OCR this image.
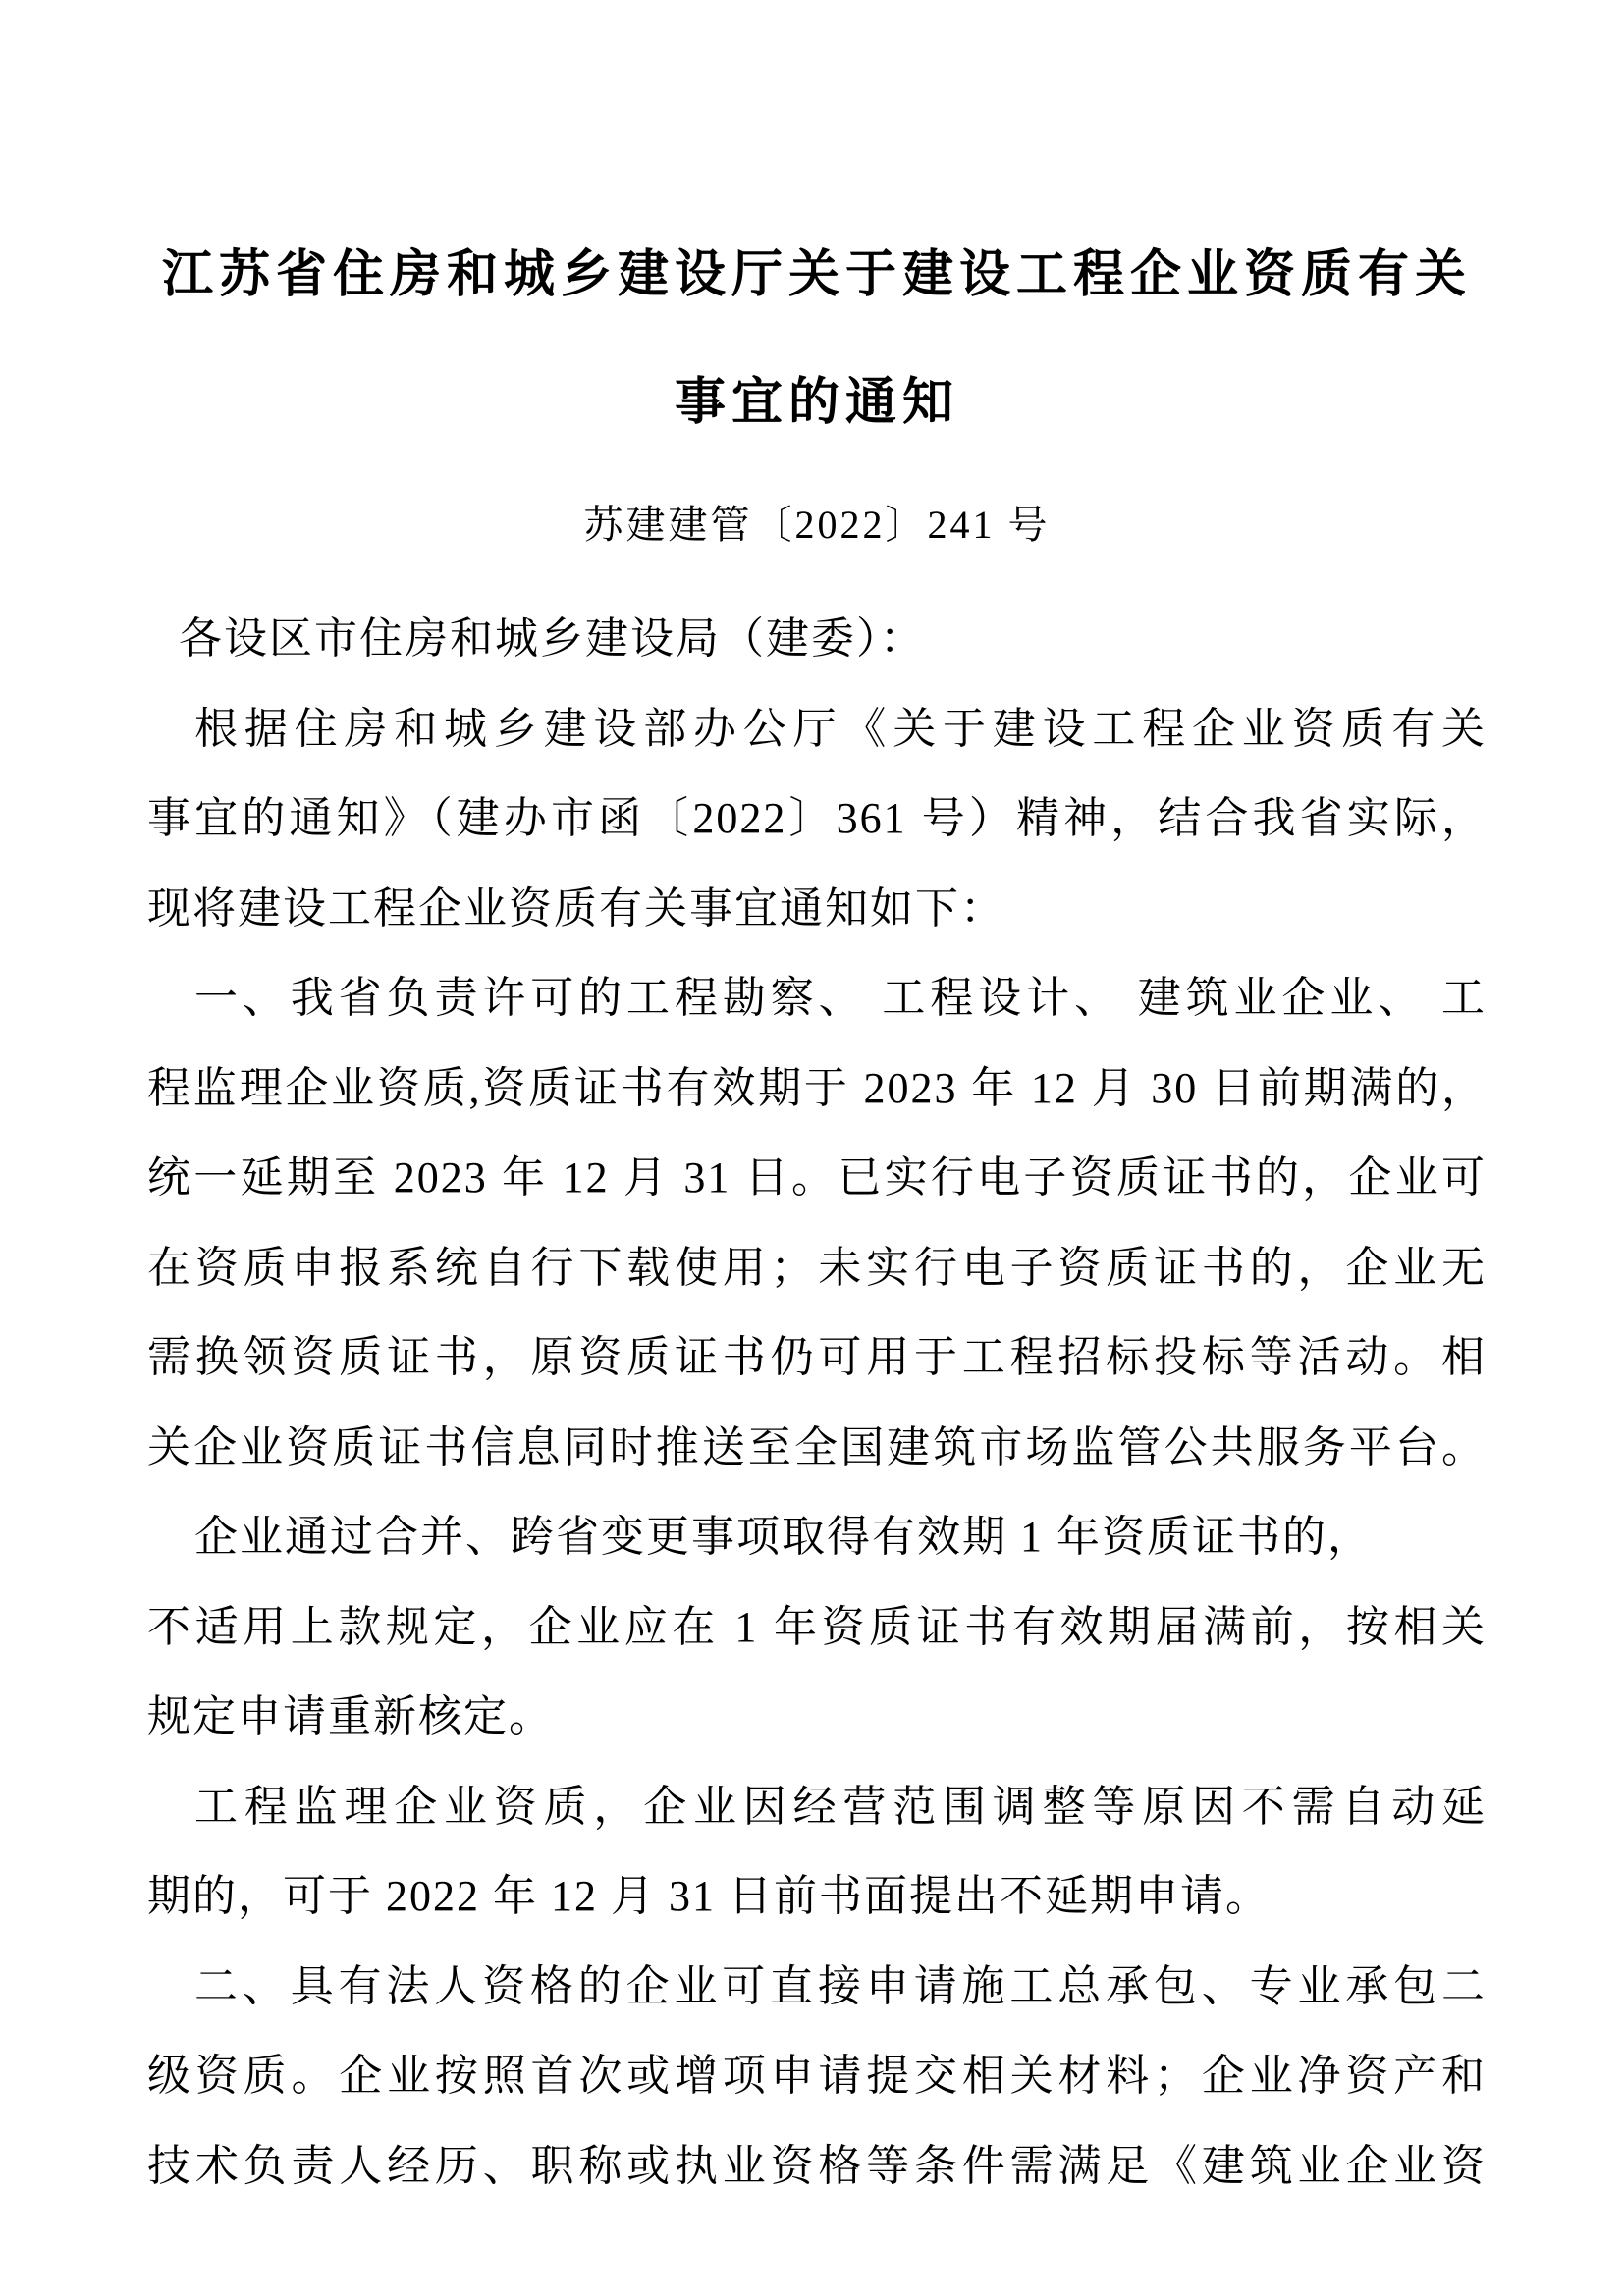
江苏省住房和城乡建设厅关于建设工程企业资质有关
事宜的通知
苏建建管〔2022〕241 号
各设区市住房和城乡建设局（建委）：
根据住房和城乡建设部办公厅《关于建设工程企业资质有关
事宜的通知》（建办市函〔2022〕361 号）精神，结合我省实际，
现将建设工程企业资质有关事宜通知如下：
一、我省负责许可的工程勘察、 工程设计、 建筑业企业、 工
程监理企业资质,资质证书有效期于 2023 年 12 月 30 日前期满的，
统一延期至 2023 年 12 月 31 日。已实行电子资质证书的，企业可
在资质申报系统自行下载使用；未实行电子资质证书的，企业无
需换领资质证书，原资质证书仍可用于工程招标投标等活动。相
关企业资质证书信息同时推送至全国建筑市场监管公共服务平台。
企业通过合并、跨省变更事项取得有效期 1 年资质证书的，
不适用上款规定，企业应在 1 年资质证书有效期届满前，按相关
规定申请重新核定。
工程监理企业资质，企业因经营范围调整等原因不需自动延
期的，可于 2022 年 12 月 31 日前书面提出不延期申请。
二、具有法人资格的企业可直接申请施工总承包、专业承包二
级资质。企业按照首次或增项申请提交相关材料；企业净资产和
技术负责人经历、职称或执业资格等条件需满足《建筑业企业资
